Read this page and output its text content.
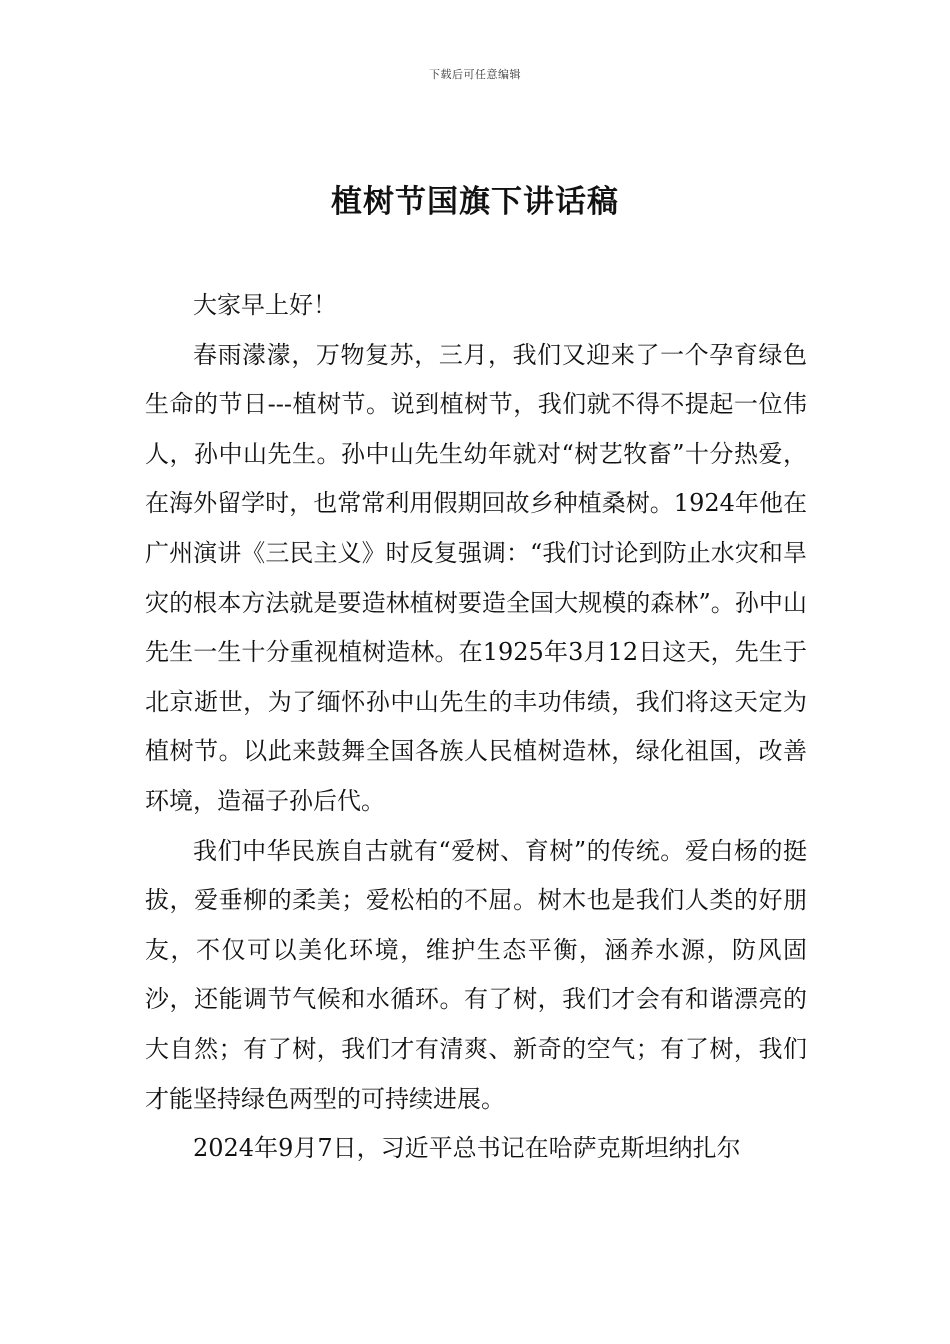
下载后可任意编辑
植树节国旗下讲话稿

大家早上好！

春雨濛濛，万物复苏，三月，我们又迎来了一个孕育绿色生命的节日---植树节。说到植树节，我们就不得不提起一位伟人，孙中山先生。孙中山先生幼年就对“树艺牧畜”十分热爱，在海外留学时，也常常利用假期回故乡种植桑树。1924年他在广州演讲《三民主义》时反复强调：“我们讨论到防止水灾和旱灾的根本方法就是要造林植树要造全国大规模的森林”。孙中山先生一生十分重视植树造林。在1925年3月12日这天，先生于北京逝世，为了缅怀孙中山先生的丰功伟绩，我们将这天定为植树节。以此来鼓舞全国各族人民植树造林，绿化祖国，改善环境，造福子孙后代。

我们中华民族自古就有“爱树、育树”的传统。爱白杨的挺拔，爱垂柳的柔美；爱松柏的不屈。树木也是我们人类的好朋友，不仅可以美化环境，维护生态平衡，涵养水源，防风固沙，还能调节气候和水循环。有了树，我们才会有和谐漂亮的大自然；有了树，我们才有清爽、新奇的空气；有了树，我们才能坚持绿色两型的可持续进展。

2024年9月7日，习近平总书记在哈萨克斯坦纳扎尔
